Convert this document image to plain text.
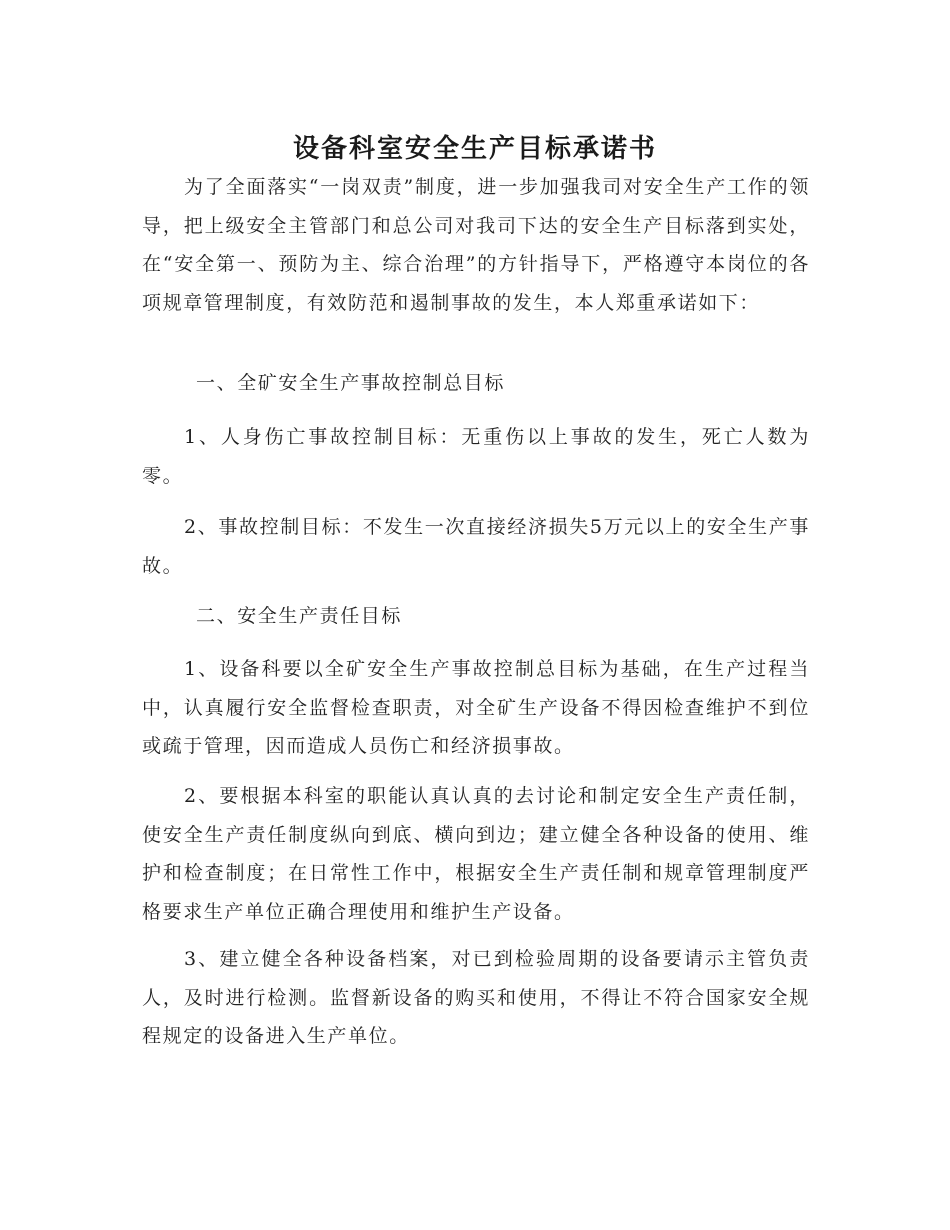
设备科室安全生产目标承诺书

为了全面落实“一岗双责”制度，进一步加强我司对安全生产工作的领导，把上级安全主管部门和总公司对我司下达的安全生产目标落到实处，在“安全第一、预防为主、综合治理”的方针指导下，严格遵守本岗位的各项规章管理制度，有效防范和遏制事故的发生，本人郑重承诺如下：

一、全矿安全生产事故控制总目标

1、人身伤亡事故控制目标：无重伤以上事故的发生，死亡人数为零。

2、事故控制目标：不发生一次直接经济损失5万元以上的安全生产事故。

二、安全生产责任目标

1、设备科要以全矿安全生产事故控制总目标为基础，在生产过程当中，认真履行安全监督检查职责，对全矿生产设备不得因检查维护不到位或疏于管理，因而造成人员伤亡和经济损事故。

2、要根据本科室的职能认真认真的去讨论和制定安全生产责任制，使安全生产责任制度纵向到底、横向到边；建立健全各种设备的使用、维护和检查制度；在日常性工作中，根据安全生产责任制和规章管理制度严格要求生产单位正确合理使用和维护生产设备。

3、建立健全各种设备档案，对已到检验周期的设备要请示主管负责人，及时进行检测。监督新设备的购买和使用，不得让不符合国家安全规程规定的设备进入生产单位。
